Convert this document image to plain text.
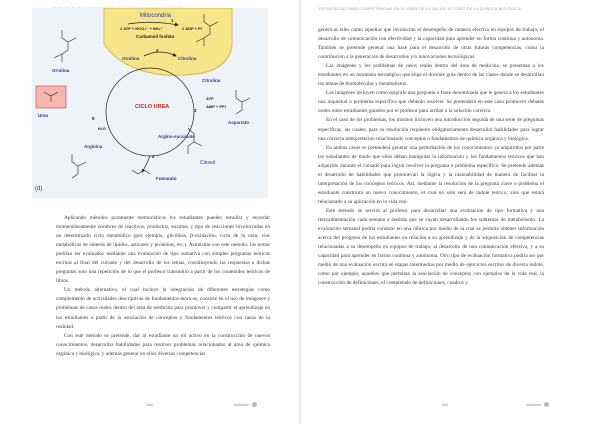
Mitocondria
2 ATP + HCO₃⁻ + NH₄⁺	2 ADP + Pi
Carbamoil fosfato
1
Ornitina	Citrulina
2
Ornitina
Urea
CICLO UREA
Citrulina
ATP
AMP + PPi
3
Aspartato
Argino-succinato
4
Arginina
5
H₂O
Citosol
Fumarato
(d)

Aplicando métodos puramente memorísticos los estudiantes pueden estudiar y recordar momentáneamente nombres de reactivos, productos, enzimas y tipo de reacciones involucradas en un determinado ciclo metabólico (por ejemplo, glicólisis, β-oxidación, ciclo de la urea, vías metabólicas de síntesis de lípidos, azúcares y proteínas, etc.). Asimismo con este método, los temas podrían ser evaluados mediante una evaluación de tipo sumativa con simples preguntas teóricas escritas al final del cursado y del desarrollo de los temas, constituyendo las respuestas a dichas preguntas solo una repetición de lo que el profesor transmitió a partir de los contenidos teóricos de libros.

Un método alternativo, el cual incluye la integración de diferentes estrategias como complemento de actividades descriptivas de fundamentos teóricos, consiste en el uso de imágenes y problemas de casos reales dentro del área de medicina para promover y compartir el aprendizaje en los estudiantes a partir de la asociación de conceptos y fundamentos teóricos con casos de la realidad.

Con este método se pretende, dar al estudiante un rol activo en la construcción de nuevos conocimientos, desarrollar habilidades para resolver problemas relacionados al área de química orgánica y biológica, y además generar en ellos diversas competencias

148	inclusión
ESTRATEGIAS PARA COMPETENCIAS EN EL ÁREA DE LA SALUD: EL CASO DE LA QUÍMICA BIOLÓGICA

genéricas tales como aquellas que involucran el desempeño de manera efectiva en equipos de trabajo, el desarrollo de comunicación con efectividad y la capacidad para aprender en forma continua y autónoma. También se pretende generar una base para el desarrollo de otras futuras competencias, como la contribución a la generación de desarrollos y/o innovaciones tecnológicas.

Las imágenes y los problemas de casos reales dentro del área de medicina, se presentan a los estudiantes en un momento estratégico que elige el docente guía dentro de las clases donde se desarrollan los temas de biomoléculas y metabolismo.

Las imágenes incluyen como epígrafe una pregunta o frase denominada que le genera a los estudiantes una inquietud o problema específico que deberán resolver. Se pretenderá en este caso promover debates orales entre estudiantes guiados por el profesor para arribar a la solución correcta.

En el caso de los problemas, los mismos incluyen una introducción seguida de una serie de preguntas específicas, las cuales, para su resolución requieren obligatoriamente desarrollar habilidades para lograr una correcta interpretación relacionando conceptos o fundamentos de química orgánica y biológica.

En ambos casos se pretenderá generar una perturbación de los conocimientos ya adquiridos por parte los estudiantes de modo que ellos deban manipular la información y los fundamentos teóricos que han adquirido durante el cursado para lograr resolver la pregunta o problema específico. Se pretende además el desarrollo de habilidades que promuevan la lógica y la razonabilidad de manera de facilitar la interpretación de los conceptos teóricos. Así, mediante la resolución de la pregunta clave o problema el estudiante construirá un nuevo conocimiento, el cual no solo será de índole teórico, sino que estará relacionado a su aplicación en la vida real.

Este método se servirá al profesor para desarrollar una evaluación de tipo formativa y una retroalimentación cada semana a medida que se vayan desarrollando los subtemas de metabolismo. La evaluación semanal podría consistir en una rúbrica por medio de la cual se permita obtener información acerca del progreso de los estudiantes en relación a su aprendizaje y de la adquisición de competencias relacionadas a su desempeño en equipos de trabajo, al desarrollo de una comunicación efectiva, y a su capacidad para aprender en forma continua y autónoma. Otro tipo de evaluación formativa podría ser por medio de una evaluación escrita en etapas intermedias por medio de ejercicios escritos de diversa índole, como por ejemplo, aquellos que permitan la asociación de conceptos con ejemplos de la vida real, la construcción de definiciones, el completado de definiciones, cuadros y

149	inclusión
